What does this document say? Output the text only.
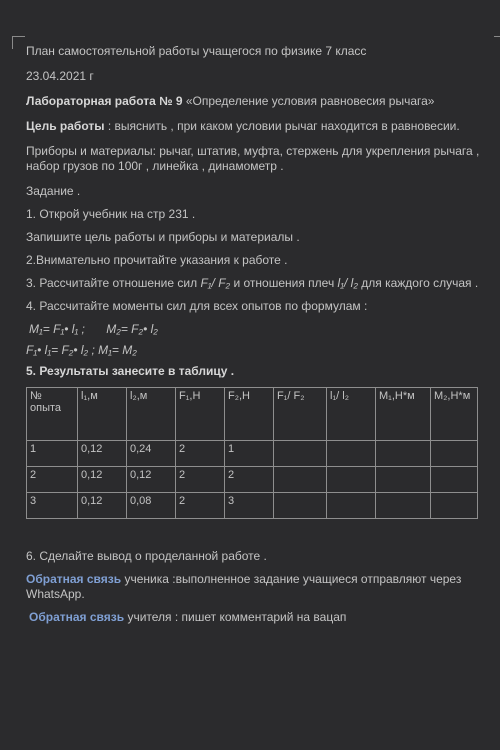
План самостоятельной работы учащегося по физике 7 класс

23.04.2021 г

Лабораторная работа № 9 «Определение условия равновесия рычага»

Цель работы : выяснить , при каком условии рычаг находится в равновесии.

Приборы и материалы: рычаг, штатив, муфта, стержень для укрепления рычага ,

набор грузов по 100г , линейка , динамометр .

Задание .

1. Открой учебник на стр 231 .

Запишите цель работы и приборы и материалы .

2.Внимательно прочитайте указания к работе .

3. Рассчитайте отношение сил F₁/ F₂ и отношения плеч l₁/ l₂ для каждого случая .

4. Рассчитайте моменты сил для всех опытов по формулам :

M₁= F₁• l₁ ; M₂= F₂• l₂

F₁• l₁= F₂• l₂ ; M₁= M₂

5. Результаты занесите в таблицу .

№ опыта	l₁,м	l₂,м	F₁,Н	F₂,Н	F₁/ F₂	l₁/ l₂	M₁,Н*м	M₂,Н*м
1	0,12	0,24	2	1				
2	0,12	0,12	2	2				
3	0,12	0,08	2	3				

6. Сделайте вывод о проделанной работе .

Обратная связь ученика :выполненное задание учащиеся отправляют через

WhatsApp.

Обратная связь учителя : пишет комментарий на вацап
